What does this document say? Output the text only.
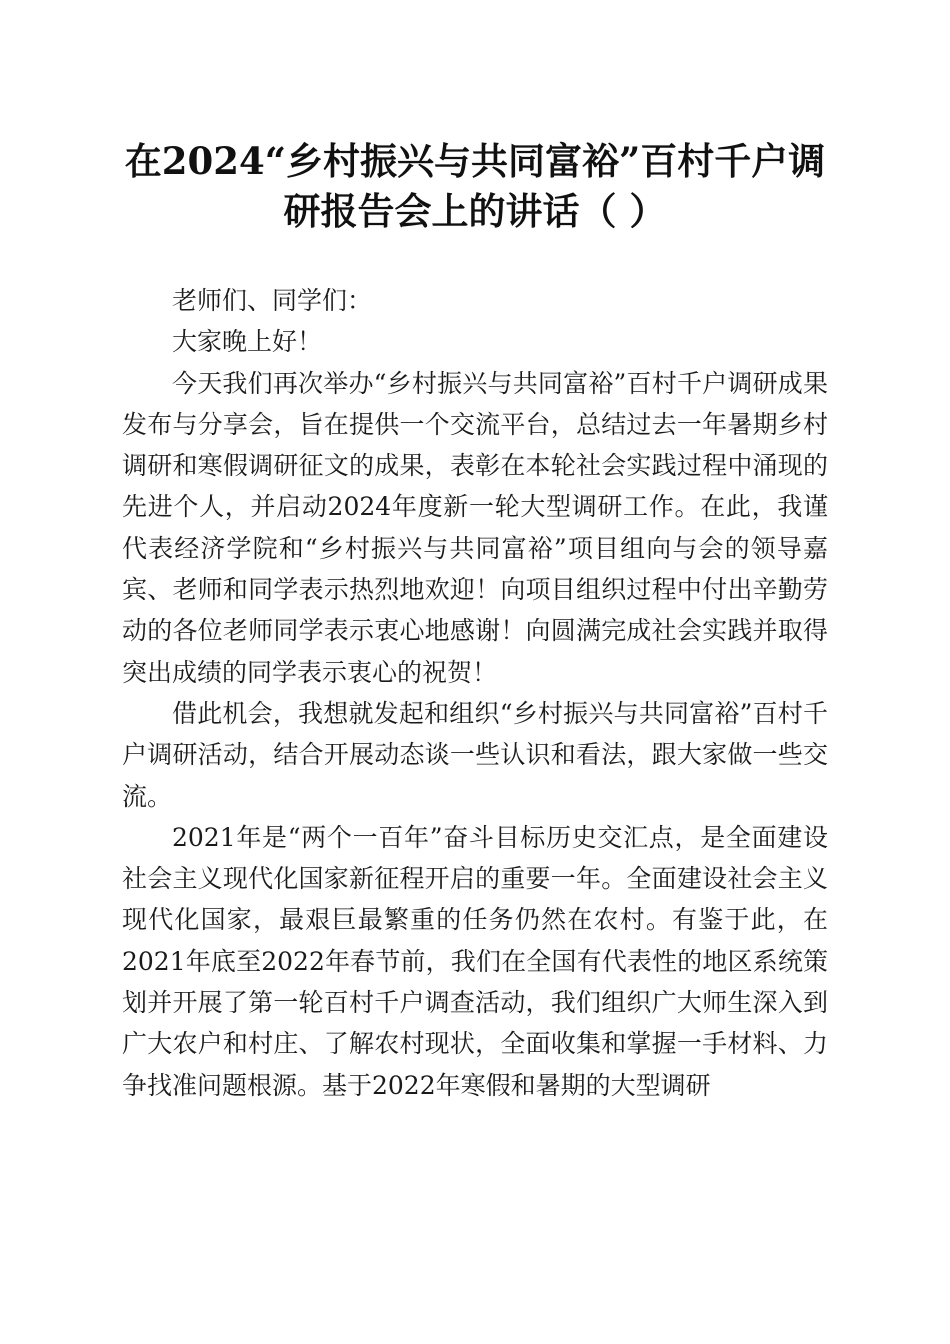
在2024“乡村振兴与共同富裕”百村千户调研报告会上的讲话（ ）

老师们、同学们：

大家晚上好！

今天我们再次举办“乡村振兴与共同富裕”百村千户调研成果发布与分享会，旨在提供一个交流平台，总结过去一年暑期乡村调研和寒假调研征文的成果，表彰在本轮社会实践过程中涌现的先进个人，并启动2024年度新一轮大型调研工作。在此，我谨代表经济学院和“乡村振兴与共同富裕”项目组向与会的领导嘉宾、老师和同学表示热烈地欢迎！向项目组织过程中付出辛勤劳动的各位老师同学表示衷心地感谢！向圆满完成社会实践并取得突出成绩的同学表示衷心的祝贺！

借此机会，我想就发起和组织“乡村振兴与共同富裕”百村千户调研活动，结合开展动态谈一些认识和看法，跟大家做一些交流。

2021年是“两个一百年”奋斗目标历史交汇点，是全面建设社会主义现代化国家新征程开启的重要一年。全面建设社会主义现代化国家，最艰巨最繁重的任务仍然在农村。有鉴于此，在2021年底至2022年春节前，我们在全国有代表性的地区系统策划并开展了第一轮百村千户调查活动，我们组织广大师生深入到广大农户和村庄、了解农村现状，全面收集和掌握一手材料、力争找准问题根源。基于2022年寒假和暑期的大型调研
